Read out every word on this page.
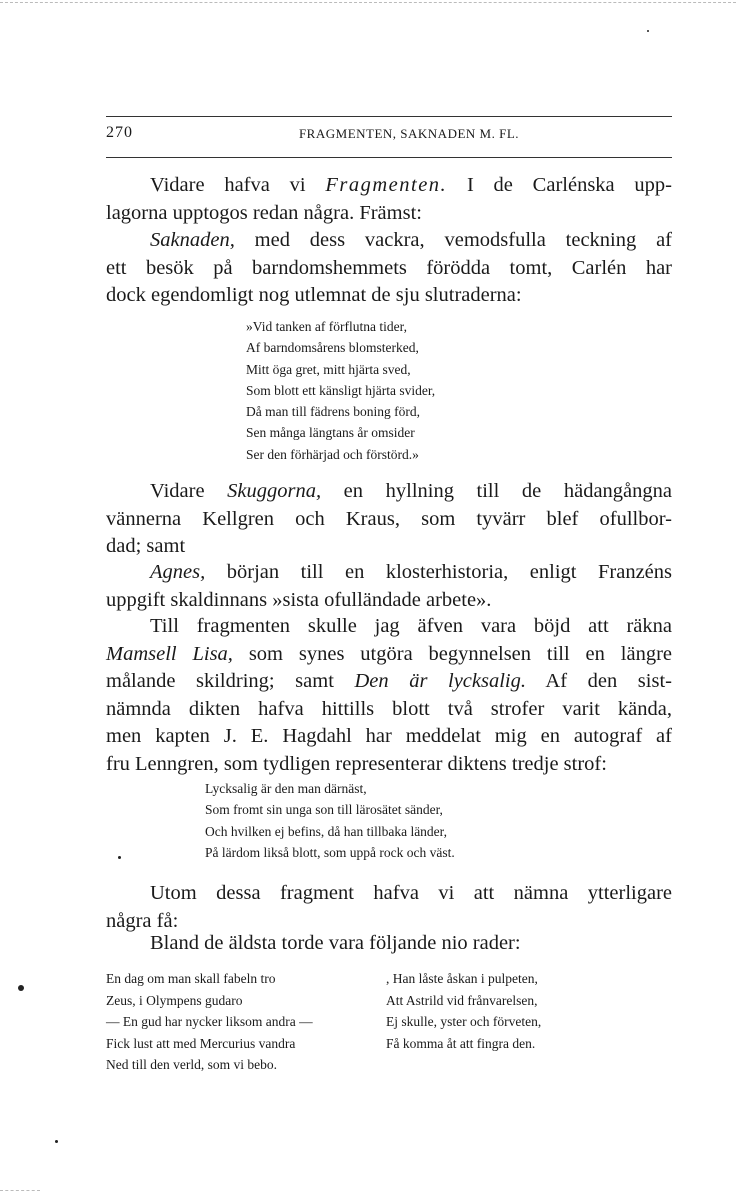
270	FRAGMENTEN, SAKNADEN M. FL.
Vidare hafva vi Fragmenten. I de Carlénska upp-
lagorna upptogos redan några. Främst:
Saknaden, med dess vackra, vemodsfulla teckning af
ett besök på barndomshemmets förödda tomt, Carlén har
dock egendomligt nog utlemnat de sju slutraderna:
»Vid tanken af förflutna tider,
Af barndomsårens blomsterked,
Mitt öga gret, mitt hjärta sved,
Som blott ett känsligt hjärta svider,
Då man till fädrens boning förd,
Sen många längtans år omsider
Ser den förhärjad och förstörd.»
Vidare Skuggorna, en hyllning till de hädangångna
vännerna Kellgren och Kraus, som tyvärr blef ofullbor-
dad; samt
Agnes, början till en klosterhistoria, enligt Franzéns
uppgift skaldinnans »sista ofulländade arbete».
Till fragmenten skulle jag äfven vara böjd att räkna
Mamsell Lisa, som synes utgöra begynnelsen till en längre
målande skildring; samt Den är lycksalig. Af den sist-
nämnda dikten hafva hittills blott två strofer varit kända,
men kapten J. E. Hagdahl har meddelat mig en autograf af
fru Lenngren, som tydligen representerar diktens tredje strof:
Lycksalig är den man därnäst,
Som fromt sin unga son till lärosätet sänder,
Och hvilken ej befins, då han tillbaka länder,
På lärdom likså blott, som uppå rock och väst.
Utom dessa fragment hafva vi att nämna ytterligare
några få:
Bland de äldsta torde vara följande nio rader:
En dag om man skall fabeln tro
Zeus, i Olympens gudaro
— En gud har nycker liksom andra —
Fick lust att med Mercurius vandra
Ned till den verld, som vi bebo.
, Han låste åskan i pulpeten,
Att Astrild vid frånvarelsen,
Ej skulle, yster och förveten,
Få komma åt att fingra den.
